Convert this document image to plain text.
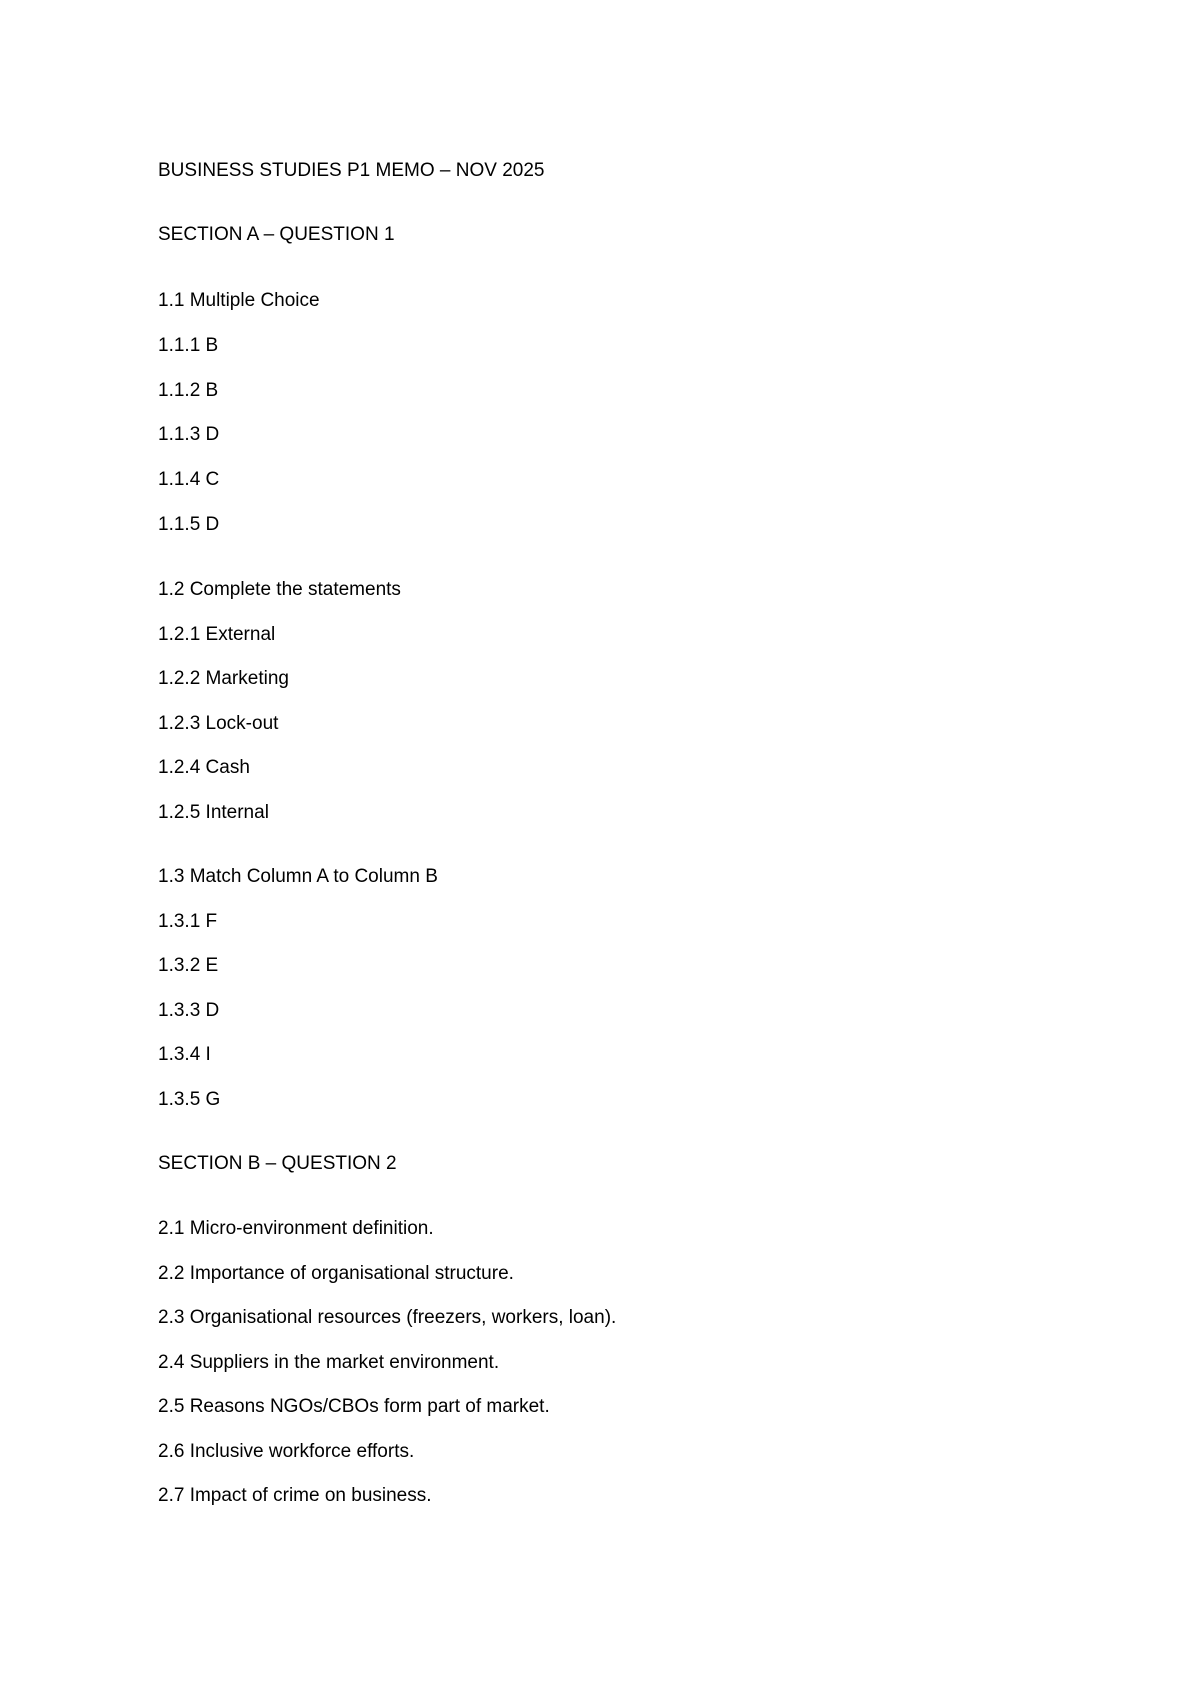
BUSINESS STUDIES P1 MEMO – NOV 2025

SECTION A – QUESTION 1

1.1 Multiple Choice

1.1.1 B

1.1.2 B

1.1.3 D

1.1.4 C

1.1.5 D

1.2 Complete the statements

1.2.1 External

1.2.2 Marketing

1.2.3 Lock-out

1.2.4 Cash

1.2.5 Internal

1.3 Match Column A to Column B

1.3.1 F

1.3.2 E

1.3.3 D

1.3.4 I

1.3.5 G

SECTION B – QUESTION 2

2.1 Micro-environment definition.

2.2 Importance of organisational structure.

2.3 Organisational resources (freezers, workers, loan).

2.4 Suppliers in the market environment.

2.5 Reasons NGOs/CBOs form part of market.

2.6 Inclusive workforce efforts.

2.7 Impact of crime on business.
